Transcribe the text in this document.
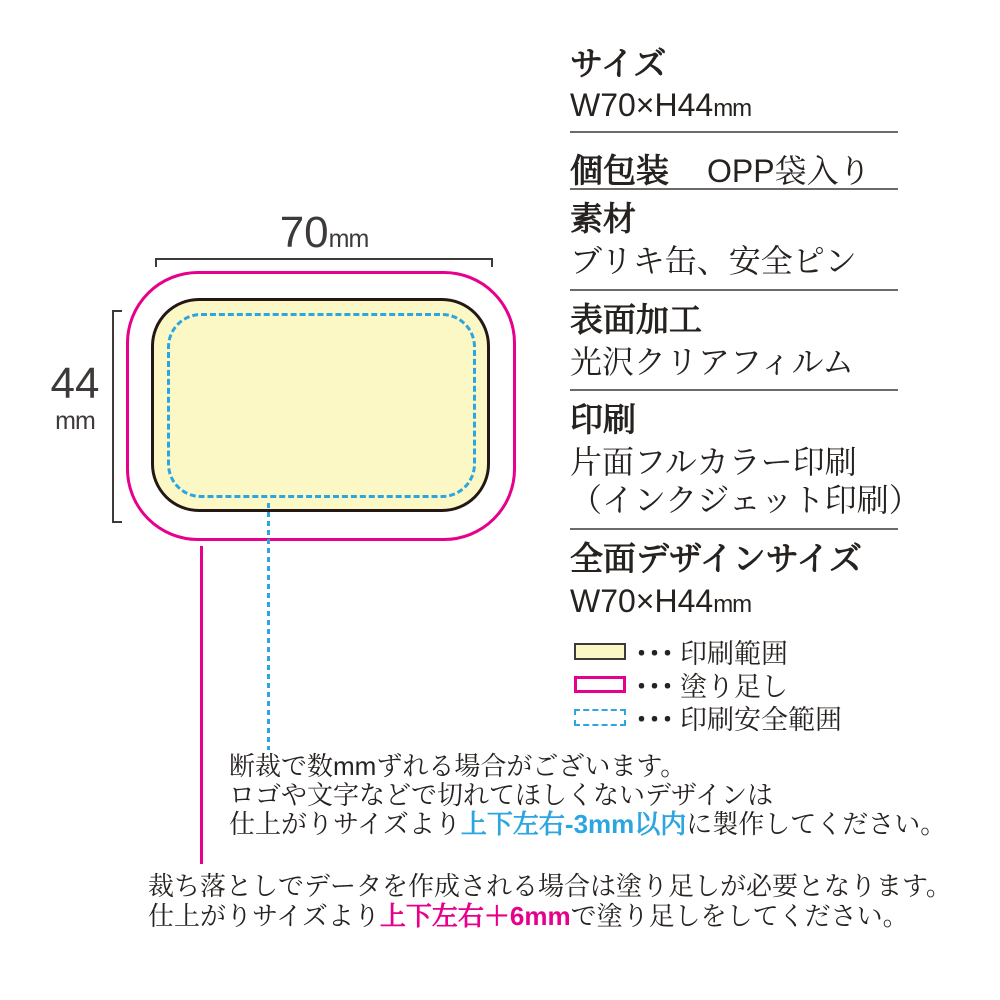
70mm
44
mm
サイズ
W70×H44mm
個包装 OPP袋入り
素材
ブリキ缶、安全ピン
表面加工
光沢クリアフィルム
印刷
片面フルカラー印刷
（インクジェット印刷）
全面デザインサイズ
W70×H44mm
・・・ 印刷範囲
・・・ 塗り足し
・・・ 印刷安全範囲
断裁で数mmずれる場合がございます。
ロゴや文字などで切れてほしくないデザインは
仕上がりサイズより上下左右-3mm以内に製作してください。
裁ち落としでデータを作成される場合は塗り足しが必要となります。
仕上がりサイズより上下左右＋6mmで塗り足しをしてください。
